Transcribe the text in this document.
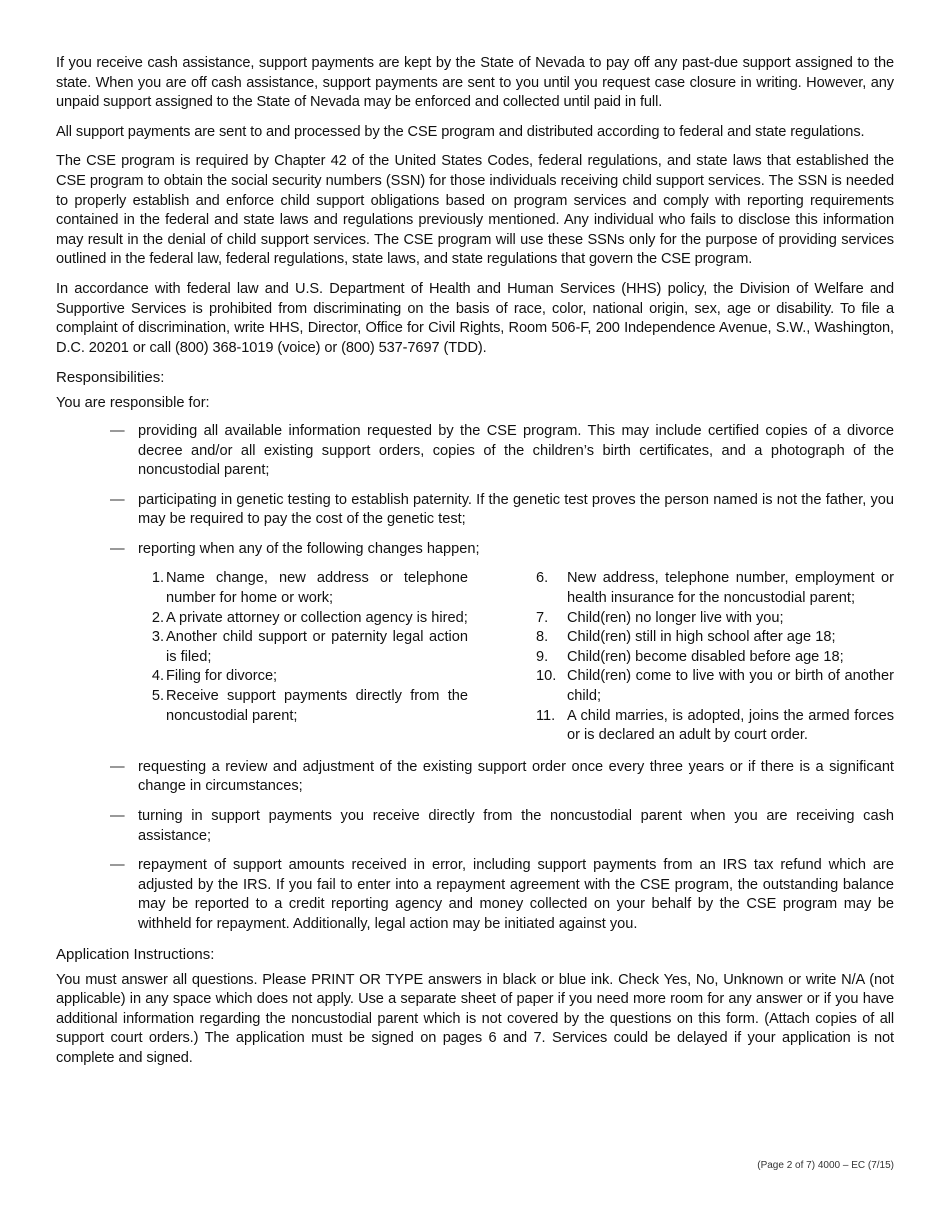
If you receive cash assistance, support payments are kept by the State of Nevada to pay off any past-due support assigned to the state. When you are off cash assistance, support payments are sent to you until you request case closure in writing. However, any unpaid support assigned to the State of Nevada may be enforced and collected until paid in full.

All support payments are sent to and processed by the CSE program and distributed according to federal and state regulations.

The CSE program is required by Chapter 42 of the United States Codes, federal regulations, and state laws that established the CSE program to obtain the social security numbers (SSN) for those individuals receiving child support services. The SSN is needed to properly establish and enforce child support obligations based on program services and comply with reporting requirements contained in the federal and state laws and regulations previously mentioned. Any individual who fails to disclose this information may result in the denial of child support services. The CSE program will use these SSNs only for the purpose of providing services outlined in the federal law, federal regulations, state laws, and state regulations that govern the CSE program.

In accordance with federal law and U.S. Department of Health and Human Services (HHS) policy, the Division of Welfare and Supportive Services is prohibited from discriminating on the basis of race, color, national origin, sex, age or disability. To file a complaint of discrimination, write HHS, Director, Office for Civil Rights, Room 506-F, 200 Independence Avenue, S.W., Washington, D.C. 20201 or call (800) 368-1019 (voice) or (800) 537-7697 (TDD).

Responsibilities:
You are responsible for:
— providing all available information requested by the CSE program. This may include certified copies of a divorce decree and/or all existing support orders, copies of the children’s birth certificates, and a photograph of the noncustodial parent;
— participating in genetic testing to establish paternity. If the genetic test proves the person named is not the father, you may be required to pay the cost of the genetic test;
— reporting when any of the following changes happen;
1. Name change, new address or telephone number for home or work;
2. A private attorney or collection agency is hired;
3. Another child support or paternity legal action is filed;
4. Filing for divorce;
5. Receive support payments directly from the noncustodial parent;
6.	New address, telephone number, employment or health insurance for the noncustodial parent;
7.	Child(ren) no longer live with you;
8.	Child(ren) still in high school after age 18;
9.	Child(ren) become disabled before age 18;
10. Child(ren) come to live with you or birth of another child;
11. A child marries, is adopted, joins the armed forces or is declared an adult by court order.
— requesting a review and adjustment of the existing support order once every three years or if there is a significant change in circumstances;
— turning in support payments you receive directly from the noncustodial parent when you are receiving cash assistance;
— repayment of support amounts received in error, including support payments from an IRS tax refund which are adjusted by the IRS. If you fail to enter into a repayment agreement with the CSE program, the outstanding balance may be reported to a credit reporting agency and money collected on your behalf by the CSE program may be withheld for repayment. Additionally, legal action may be initiated against you.
Application Instructions:

You must answer all questions. Please PRINT OR TYPE answers in black or blue ink. Check Yes, No, Unknown or write N/A (not applicable) in any space which does not apply. Use a separate sheet of paper if you need more room for any answer or if you have additional information regarding the noncustodial parent which is not covered by the questions on this form. (Attach copies of all support court orders.) The application must be signed on pages 6 and 7. Services could be delayed if your application is not complete and signed.

(Page 2 of 7) 4000 – EC (7/15)
